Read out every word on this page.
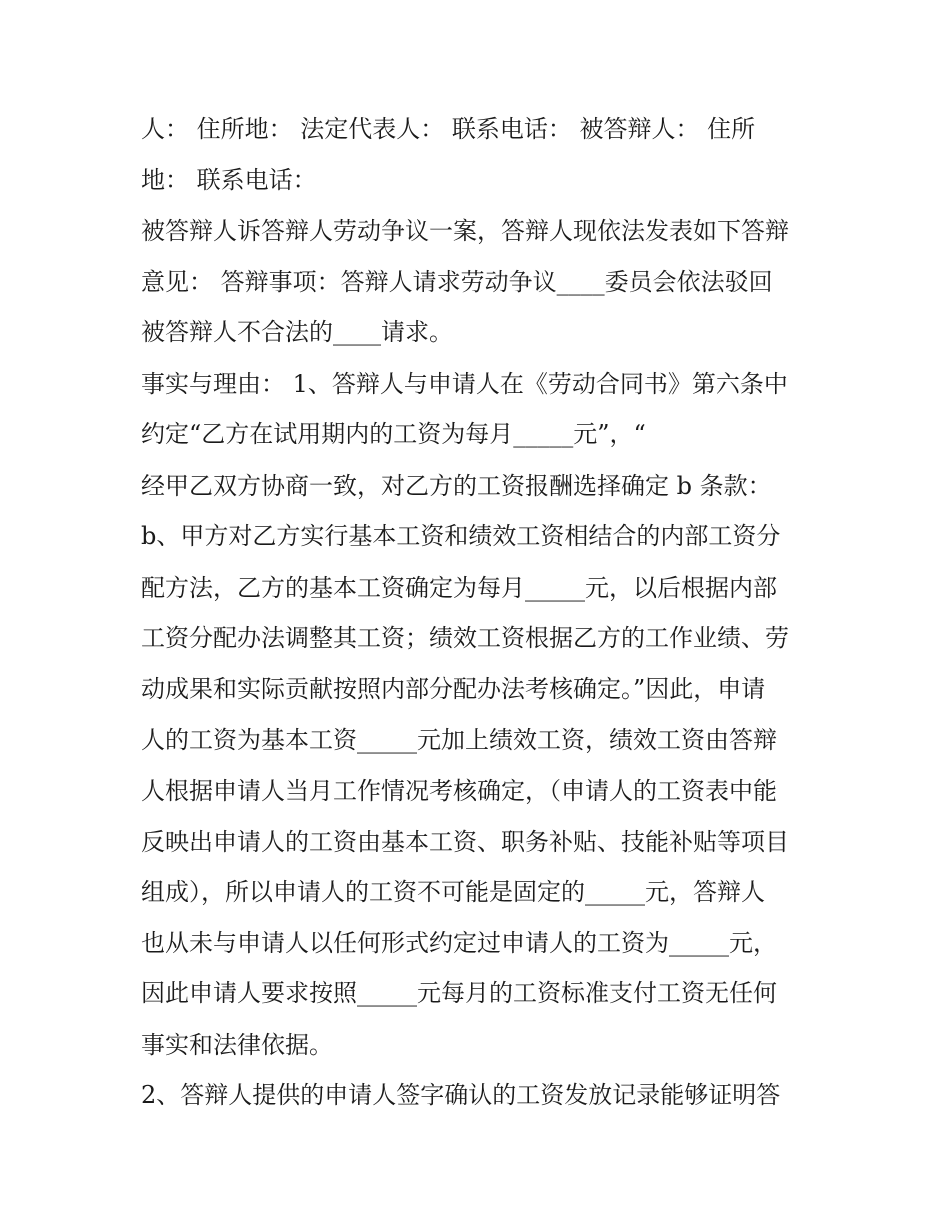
人： 住所地： 法定代表人： 联系电话： 被答辩人： 住所
地： 联系电话：
被答辩人诉答辩人劳动争议一案，答辩人现依法发表如下答辩
意见： 答辩事项：答辩人请求劳动争议____委员会依法驳回
被答辩人不合法的____请求。
事实与理由： 1、答辩人与申请人在《劳动合同书》第六条中
约定“乙方在试用期内的工资为每月_____元”，“
经甲乙双方协商一致，对乙方的工资报酬选择确定 b 条款：
b、甲方对乙方实行基本工资和绩效工资相结合的内部工资分
配方法，乙方的基本工资确定为每月_____元，以后根据内部
工资分配办法调整其工资；绩效工资根据乙方的工作业绩、劳
动成果和实际贡献按照内部分配办法考核确定。”因此，申请
人的工资为基本工资_____元加上绩效工资，绩效工资由答辩
人根据申请人当月工作情况考核确定，（申请人的工资表中能
反映出申请人的工资由基本工资、职务补贴、技能补贴等项目
组成），所以申请人的工资不可能是固定的_____元，答辩人
也从未与申请人以任何形式约定过申请人的工资为_____元，
因此申请人要求按照_____元每月的工资标准支付工资无任何
事实和法律依据。
2、答辩人提供的申请人签字确认的工资发放记录能够证明答
